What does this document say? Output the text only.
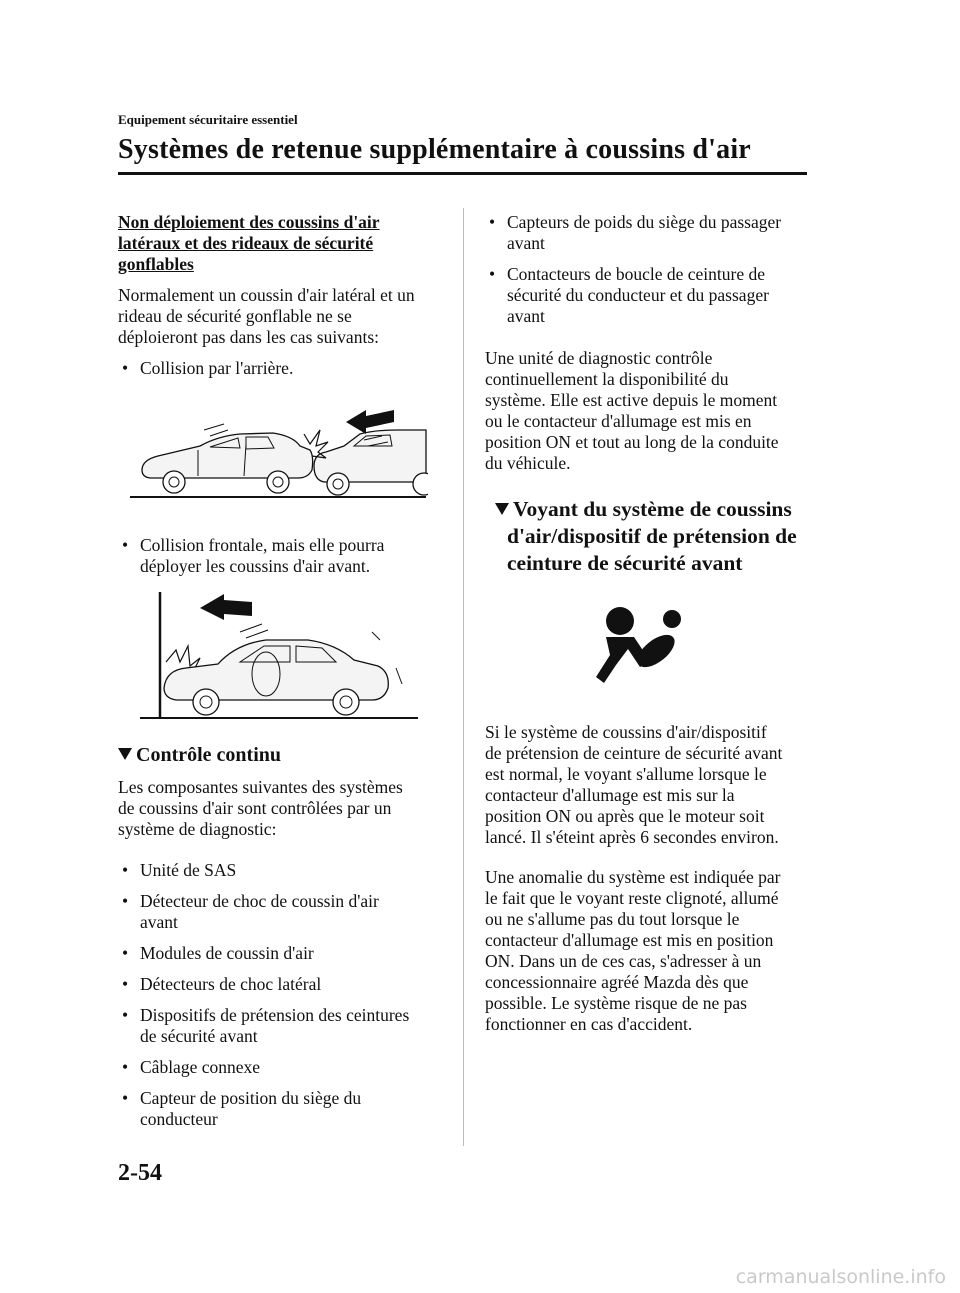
Equipement sécuritaire essentiel
Systèmes de retenue supplémentaire à coussins d'air

Non déploiement des coussins d'air
latéraux et des rideaux de sécurité
gonflables

Normalement un coussin d'air latéral et un
rideau de sécurité gonflable ne se
déploieront pas dans les cas suivants:

• Collision par l'arrière.
• Collision frontale, mais elle pourra
déployer les coussins d'air avant.
Contrôle continu

Les composantes suivantes des systèmes
de coussins d'air sont contrôlées par un
système de diagnostic:

• Unité de SAS
• Détecteur de choc de coussin d'air
avant
• Modules de coussin d'air
• Détecteurs de choc latéral
• Dispositifs de prétension des ceintures
de sécurité avant
• Câblage connexe
• Capteur de position du siège du
conducteur
• Capteurs de poids du siège du passager
avant
• Contacteurs de boucle de ceinture de
sécurité du conducteur et du passager
avant

Une unité de diagnostic contrôle
continuellement la disponibilité du
système. Elle est active depuis le moment
ou le contacteur d'allumage est mis en
position ON et tout au long de la conduite
du véhicule.

Voyant du système de coussins
d'air/dispositif de prétension de
ceinture de sécurité avant

Si le système de coussins d'air/dispositif
de prétension de ceinture de sécurité avant
est normal, le voyant s'allume lorsque le
contacteur d'allumage est mis sur la
position ON ou après que le moteur soit
lancé. Il s'éteint après 6 secondes environ.

Une anomalie du système est indiquée par
le fait que le voyant reste clignoté, allumé
ou ne s'allume pas du tout lorsque le
contacteur d'allumage est mis en position
ON. Dans un de ces cas, s'adresser à un
concessionnaire agréé Mazda dès que
possible. Le système risque de ne pas
fonctionner en cas d'accident.

2-54
carmanualsonline.info
